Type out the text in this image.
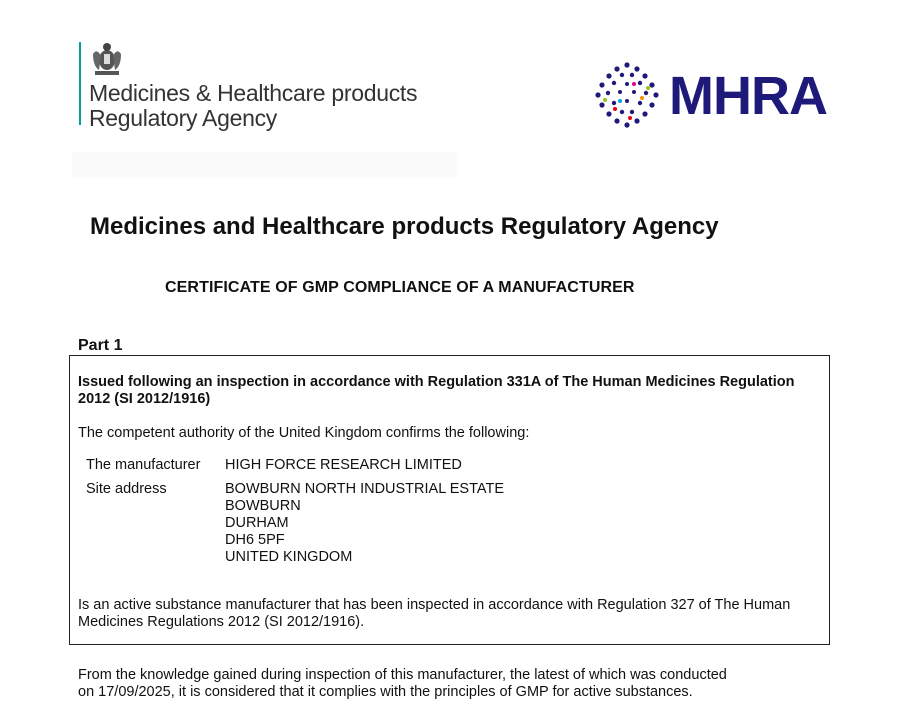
Medicines & Healthcare products
Regulatory Agency	MHRA
Medicines and Healthcare products Regulatory Agency
CERTIFICATE OF GMP COMPLIANCE OF A MANUFACTURER
Part 1
Issued following an inspection in accordance with Regulation 331A of The Human Medicines Regulation
2012 (SI 2012/1916)
The competent authority of the United Kingdom confirms the following:
The manufacturer HIGH FORCE RESEARCH LIMITED
Site address	BOWBURN NORTH INDUSTRIAL ESTATE
BOWBURN
DURHAM
DH6 5PF
UNITED KINGDOM
Is an active substance manufacturer that has been inspected in accordance with Regulation 327 of The Human
Medicines Regulations 2012 (SI 2012/1916).
From the knowledge gained during inspection of this manufacturer, the latest of which was conducted
on 17/09/2025, it is considered that it complies with the principles of GMP for active substances.
